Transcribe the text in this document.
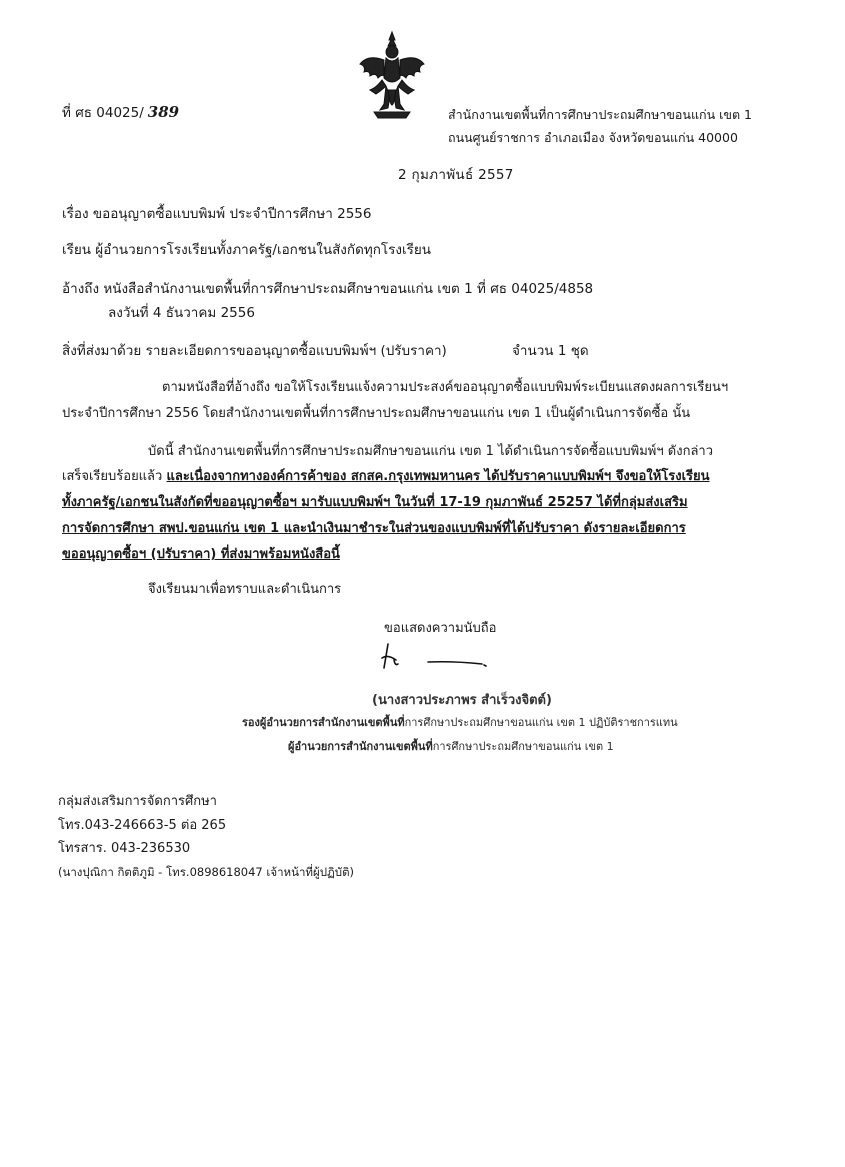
ที่ ศธ 04025/ 389	สำนักงานเขตพื้นที่การศึกษาประถมศึกษาขอนแก่น เขต 1
ถนนศูนย์ราชการ อำเภอเมือง จังหวัดขอนแก่น 40000
2 กุมภาพันธ์ 2557
เรื่อง ขออนุญาตซื้อแบบพิมพ์ ประจำปีการศึกษา 2556
เรียน ผู้อำนวยการโรงเรียนทั้งภาครัฐ/เอกชนในสังกัดทุกโรงเรียน
อ้างถึง หนังสือสำนักงานเขตพื้นที่การศึกษาประถมศึกษาขอนแก่น เขต 1 ที่ ศธ 04025/4858
ลงวันที่ 4 ธันวาคม 2556
สิ่งที่ส่งมาด้วย รายละเอียดการขออนุญาตซื้อแบบพิมพ์ฯ (ปรับราคา)	จำนวน 1 ชุด
ตามหนังสือที่อ้างถึง ขอให้โรงเรียนแจ้งความประสงค์ขออนุญาตซื้อแบบพิมพ์ระเบียนแสดงผลการเรียนฯ
ประจำปีการศึกษา 2556 โดยสำนักงานเขตพื้นที่การศึกษาประถมศึกษาขอนแก่น เขต 1 เป็นผู้ดำเนินการจัดซื้อ นั้น
บัดนี้ สำนักงานเขตพื้นที่การศึกษาประถมศึกษาขอนแก่น เขต 1 ได้ดำเนินการจัดซื้อแบบพิมพ์ฯ ดังกล่าว
เสร็จเรียบร้อยแล้ว และเนื่องจากทางองค์การค้าของ สกสค.กรุงเทพมหานคร ได้ปรับราคาแบบพิมพ์ฯ จึงขอให้โรงเรียน
ทั้งภาครัฐ/เอกชนในสังกัดที่ขออนุญาตซื้อฯ มารับแบบพิมพ์ฯ ในวันที่ 17-19 กุมภาพันธ์ 25257 ได้ที่กลุ่มส่งเสริม
การจัดการศึกษา สพป.ขอนแก่น เขต 1 และนำเงินมาชำระในส่วนของแบบพิมพ์ที่ได้ปรับราคา ดังรายละเอียดการ
ขออนุญาตซื้อฯ (ปรับราคา) ที่ส่งมาพร้อมหนังสือนี้
จึงเรียนมาเพื่อทราบและดำเนินการ
ขอแสดงความนับถือ
(นางสาวประภาพร สำเร็วงจิตต์)
รองผู้อำนวยการสำนักงานเขตพื้นที่การศึกษาประถมศึกษาขอนแก่น เขต 1 ปฏิบัติราชการแทน
ผู้อำนวยการสำนักงานเขตพื้นที่การศึกษาประถมศึกษาขอนแก่น เขต 1
กลุ่มส่งเสริมการจัดการศึกษา
โทร.043-246663-5 ต่อ 265
โทรสาร. 043-236530
(นางปุณิกา กิตติภูมิ - โทร.0898618047 เจ้าหน้าที่ผู้ปฏิบัติ)
